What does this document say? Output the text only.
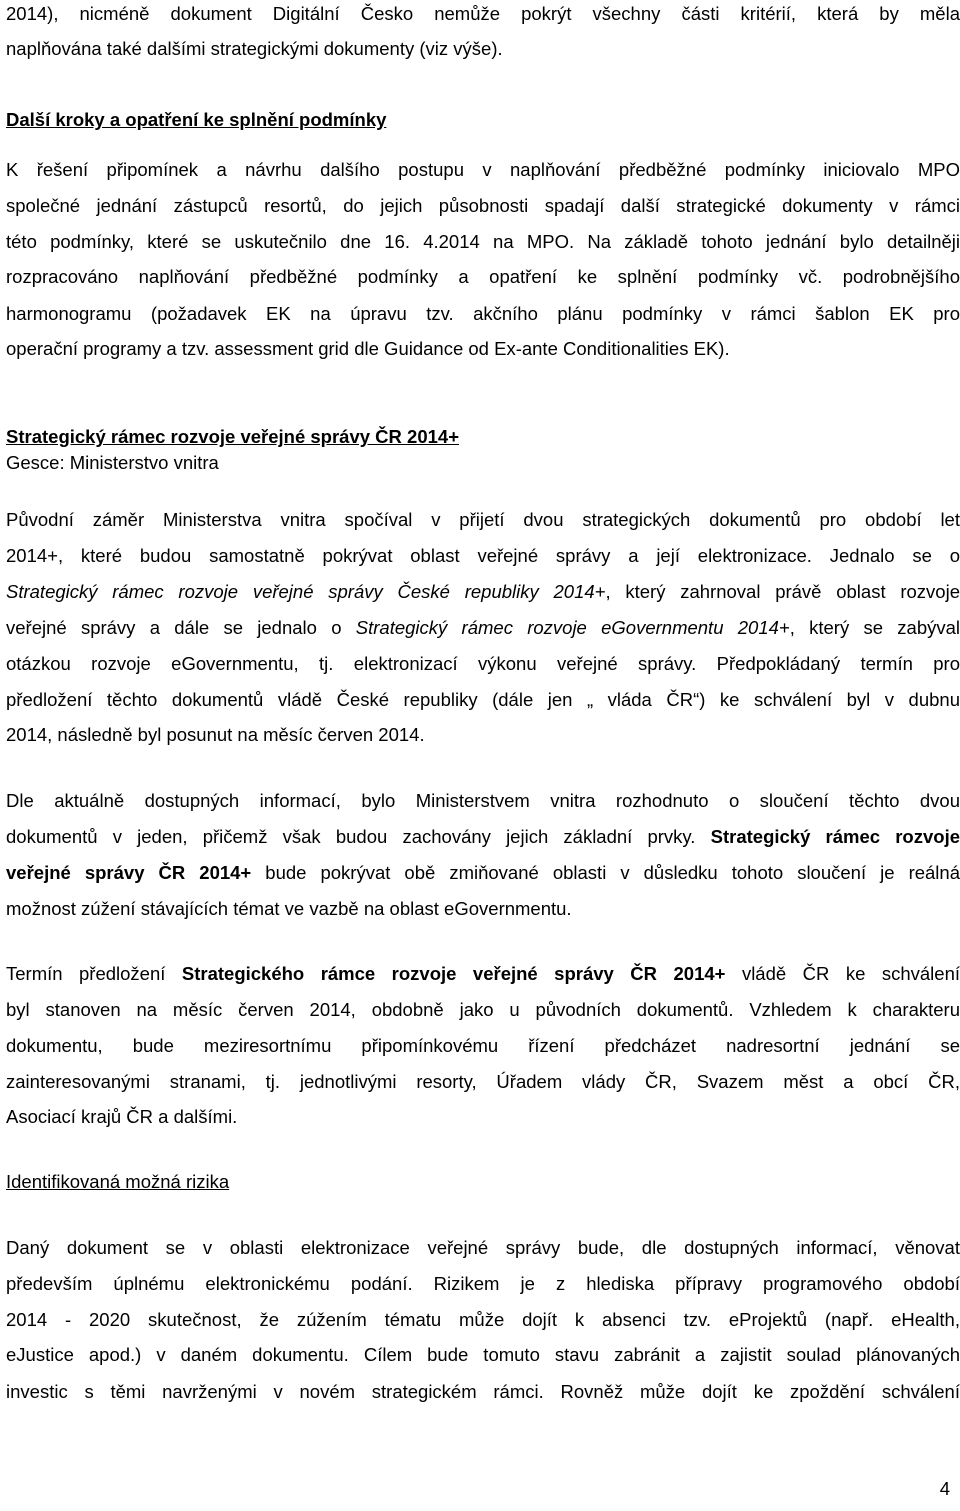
2014), nicméně dokument Digitální Česko nemůže pokrýt všechny části kritérií, která by měla
naplňována také dalšími strategickými dokumenty (viz výše).
Další kroky a opatření ke splnění podmínky
K řešení připomínek a návrhu dalšího postupu v naplňování předběžné podmínky iniciovalo MPO
společné jednání zástupců resortů, do jejich působnosti spadají další strategické dokumenty v rámci
této podmínky, které se uskutečnilo dne 16. 4.2014 na MPO. Na základě tohoto jednání bylo detailněji
rozpracováno naplňování předběžné podmínky a opatření ke splnění podmínky vč. podrobnějšího
harmonogramu (požadavek EK na úpravu tzv. akčního plánu podmínky v rámci šablon EK pro
operační programy a tzv. assessment grid dle Guidance od Ex-ante Conditionalities EK).
Strategický rámec rozvoje veřejné správy ČR 2014+
Gesce: Ministerstvo vnitra
Původní záměr Ministerstva vnitra spočíval v přijetí dvou strategických dokumentů pro období let
2014+, které budou samostatně pokrývat oblast veřejné správy a její elektronizace. Jednalo se o
Strategický rámec rozvoje veřejné správy České republiky 2014+, který zahrnoval právě oblast rozvoje
veřejné správy a dále se jednalo o Strategický rámec rozvoje eGovernmentu 2014+, který se zabýval
otázkou rozvoje eGovernmentu, tj. elektronizací výkonu veřejné správy. Předpokládaný termín pro
předložení těchto dokumentů vládě České republiky (dále jen „ vláda ČR“) ke schválení byl v dubnu
2014, následně byl posunut na měsíc červen 2014.
Dle aktuálně dostupných informací, bylo Ministerstvem vnitra rozhodnuto o sloučení těchto dvou
dokumentů v jeden, přičemž však budou zachovány jejich základní prvky. Strategický rámec rozvoje
veřejné správy ČR 2014+ bude pokrývat obě zmiňované oblasti v důsledku tohoto sloučení je reálná
možnost zúžení stávajících témat ve vazbě na oblast eGovernmentu.
Termín předložení Strategického rámce rozvoje veřejné správy ČR 2014+ vládě ČR ke schválení
byl stanoven na měsíc červen 2014, obdobně jako u původních dokumentů. Vzhledem k charakteru
dokumentu, bude meziresortnímu připomínkovému řízení předcházet nadresortní jednání se
zainteresovanými stranami, tj. jednotlivými resorty, Úřadem vlády ČR, Svazem měst a obcí ČR,
Asociací krajů ČR a dalšími.
Identifikovaná možná rizika
Daný dokument se v oblasti elektronizace veřejné správy bude, dle dostupných informací, věnovat
především úplnému elektronickému podání. Rizikem je z hlediska přípravy programového období
2014 - 2020 skutečnost, že zúžením tématu může dojít k absenci tzv. eProjektů (např. eHealth,
eJustice apod.) v daném dokumentu. Cílem bude tomuto stavu zabránit a zajistit soulad plánovaných
investic s těmi navrženými v novém strategickém rámci. Rovněž může dojít ke zpoždění schválení
4
